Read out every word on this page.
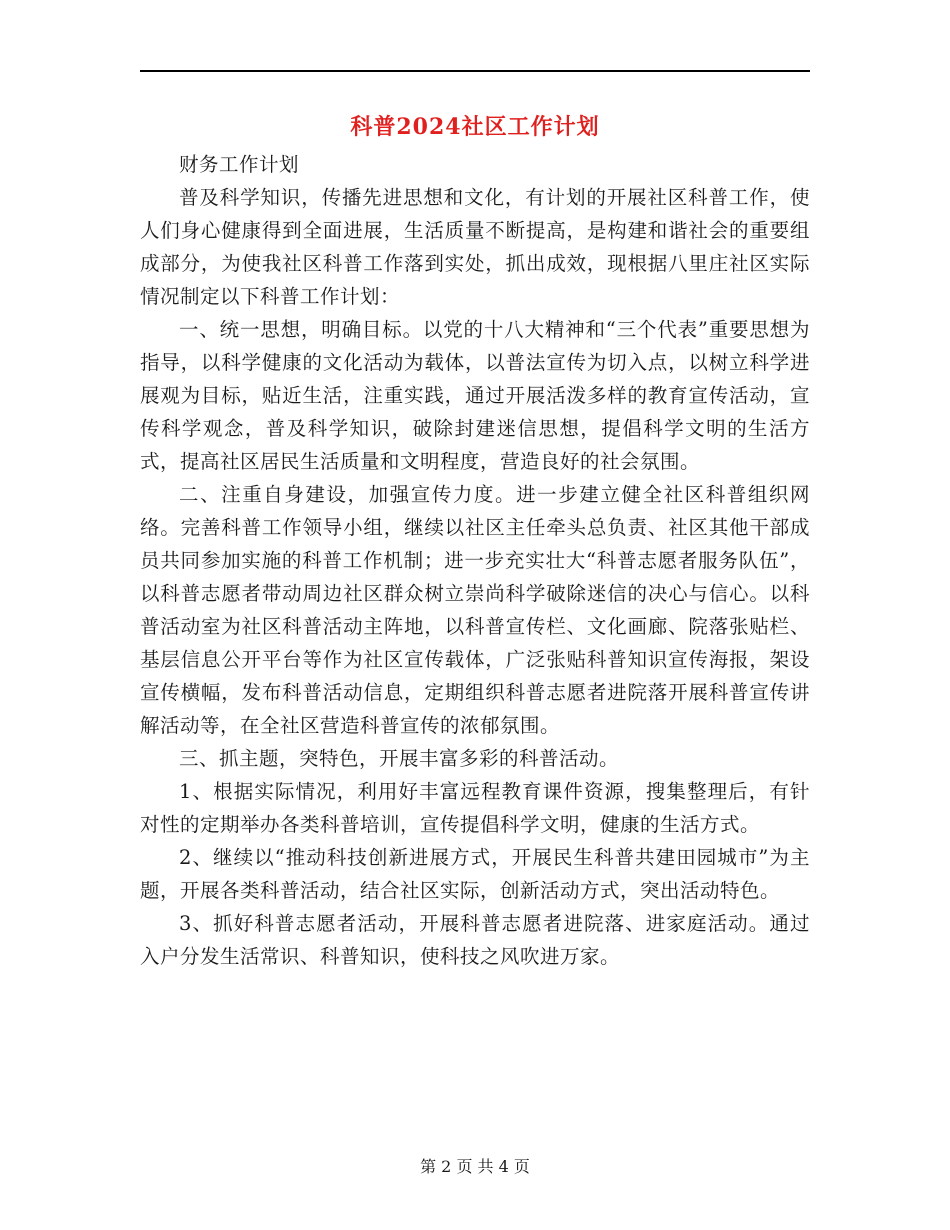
科普2024社区工作计划

财务工作计划

普及科学知识，传播先进思想和文化，有计划的开展社区科普工作，使人们身心健康得到全面进展，生活质量不断提高，是构建和谐社会的重要组成部分，为使我社区科普工作落到实处，抓出成效，现根据八里庄社区实际情况制定以下科普工作计划：

一、统一思想，明确目标。以党的十八大精神和“三个代表”重要思想为指导，以科学健康的文化活动为载体，以普法宣传为切入点，以树立科学进展观为目标，贴近生活，注重实践，通过开展活泼多样的教育宣传活动，宣传科学观念，普及科学知识，破除封建迷信思想，提倡科学文明的生活方式，提高社区居民生活质量和文明程度，营造良好的社会氛围。

二、注重自身建设，加强宣传力度。进一步建立健全社区科普组织网络。完善科普工作领导小组，继续以社区主任牵头总负责、社区其他干部成员共同参加实施的科普工作机制；进一步充实壮大“科普志愿者服务队伍”，以科普志愿者带动周边社区群众树立崇尚科学破除迷信的决心与信心。以科普活动室为社区科普活动主阵地，以科普宣传栏、文化画廊、院落张贴栏、基层信息公开平台等作为社区宣传载体，广泛张贴科普知识宣传海报，架设宣传横幅，发布科普活动信息，定期组织科普志愿者进院落开展科普宣传讲解活动等，在全社区营造科普宣传的浓郁氛围。

三、抓主题，突特色，开展丰富多彩的科普活动。

1、根据实际情况，利用好丰富远程教育课件资源，搜集整理后，有针对性的定期举办各类科普培训，宣传提倡科学文明，健康的生活方式。

2、继续以“推动科技创新进展方式，开展民生科普共建田园城市”为主题，开展各类科普活动，结合社区实际，创新活动方式，突出活动特色。

3、抓好科普志愿者活动，开展科普志愿者进院落、进家庭活动。通过入户分发生活常识、科普知识，使科技之风吹进万家。

第 2 页 共 4 页
